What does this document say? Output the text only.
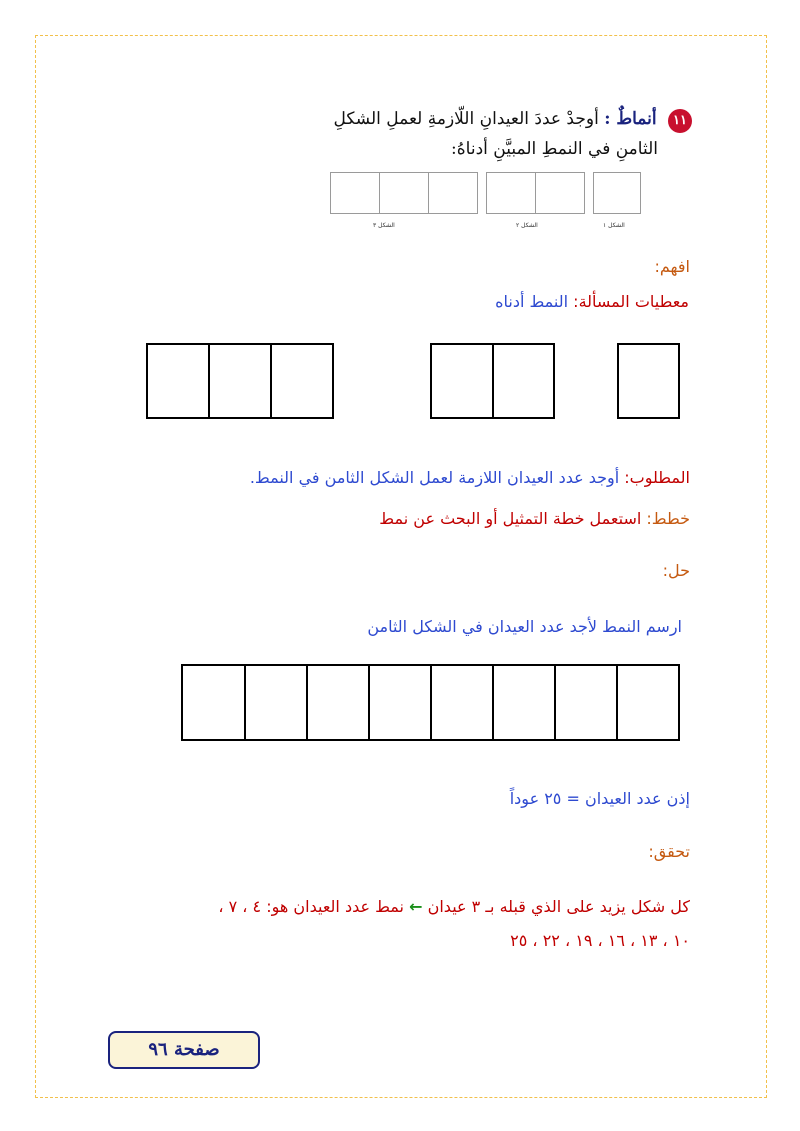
١١ أنماطٌ : أوجدْ عددَ العيدانِ اللّازمةِ لعملِ الشكلِ
الثامنِ في النمطِ المبيَّنِ أدناهُ:
الشكل ٣	الشكل ٢	الشكل ١
افهم:
معطيات المسألة: النمط أدناه
المطلوب: أوجد عدد العيدان اللازمة لعمل الشكل الثامن في النمط.
خطط: استعمل خطة التمثيل أو البحث عن نمط
حل:
ارسم النمط لأجد عدد العيدان في الشكل الثامن
إذن عدد العيدان = ٢٥ عوداً
تحقق:
كل شكل يزيد على الذي قبله بـ ٣ عيدان ← نمط عدد العيدان هو: ٤ ، ٧ ،
١٠ ، ١٣ ، ١٦ ، ١٩ ، ٢٢ ، ٢٥
صفحة ٩٦
